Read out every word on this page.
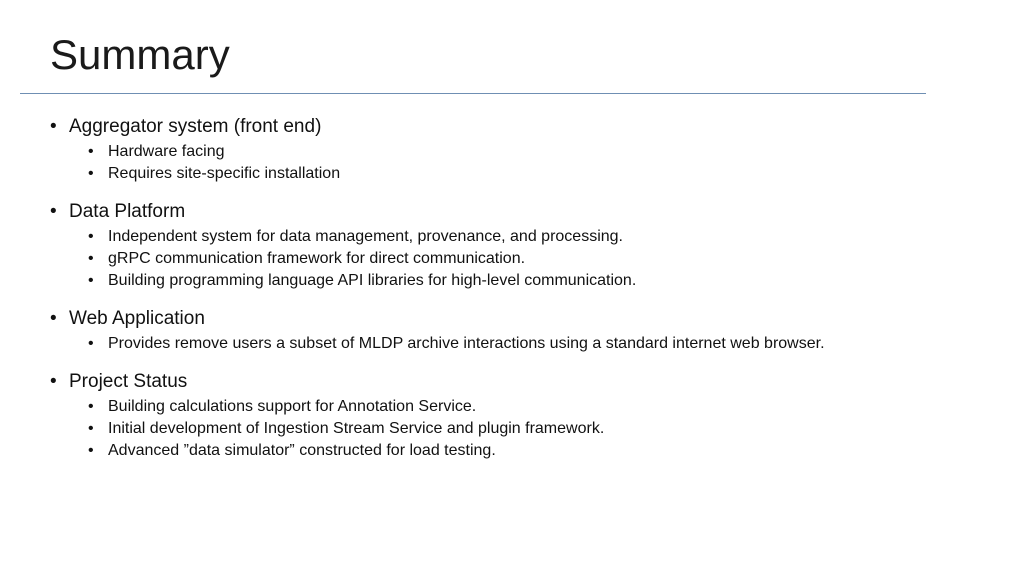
Summary
• Aggregator system (front end)
• Hardware facing
• Requires site-specific installation
• Data Platform
• Independent system for data management, provenance, and processing.
• gRPC communication framework for direct communication.
• Building programming language API libraries for high-level communication.
• Web Application
• Provides remove users a subset of MLDP archive interactions using a standard internet web browser.
• Project Status
• Building calculations support for Annotation Service.
• Initial development of Ingestion Stream Service and plugin framework.
• Advanced ”data simulator” constructed for load testing.
